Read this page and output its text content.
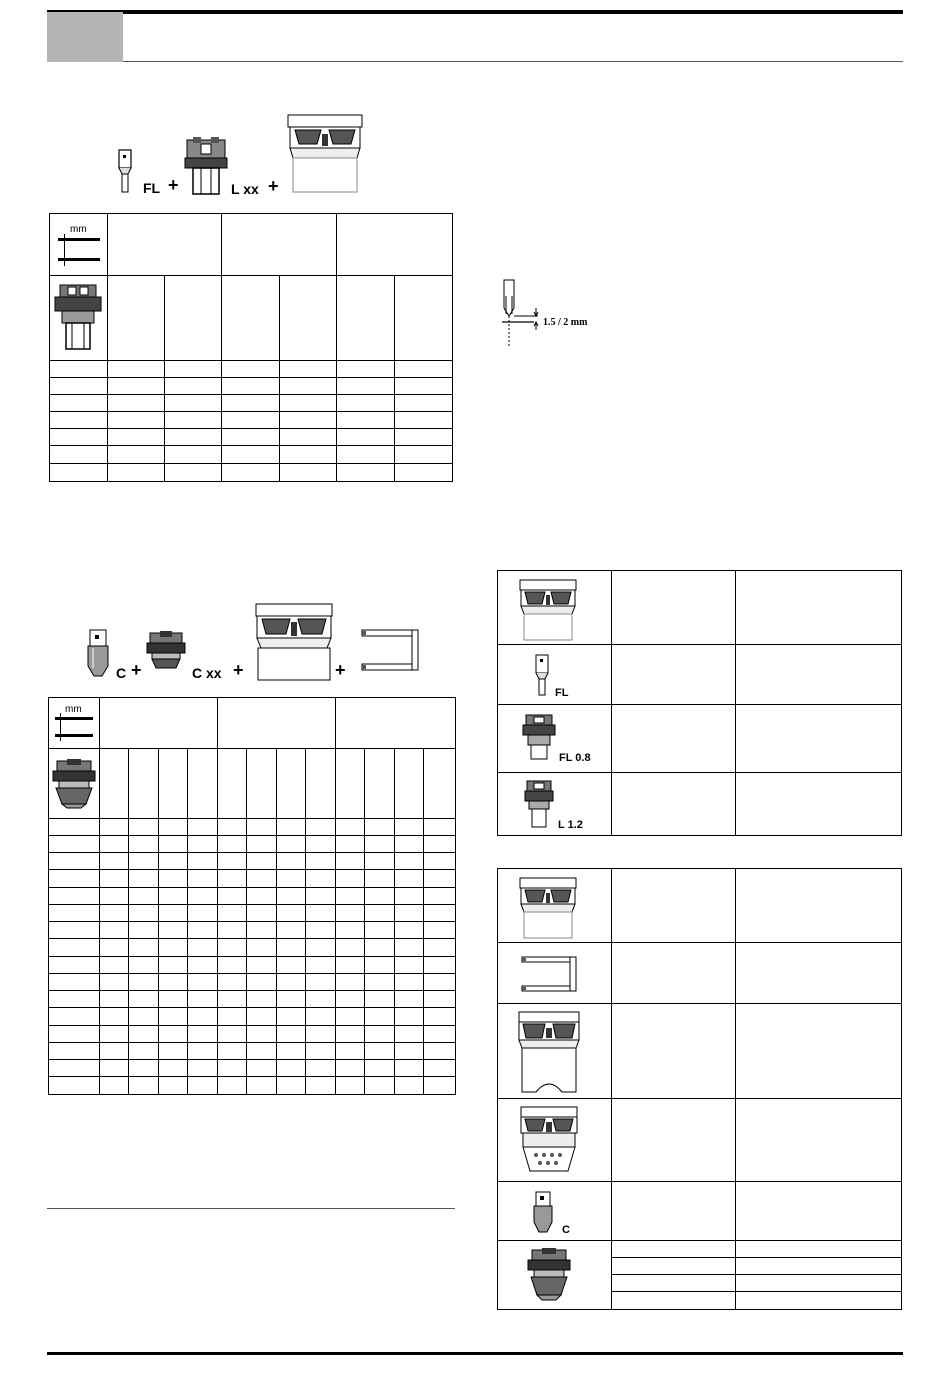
FL +	L xx +
mm						

C +	C xx +	+
mm												

1.5 / 2 mm

FL		

FL 0.8		

L 1.2		

C		
